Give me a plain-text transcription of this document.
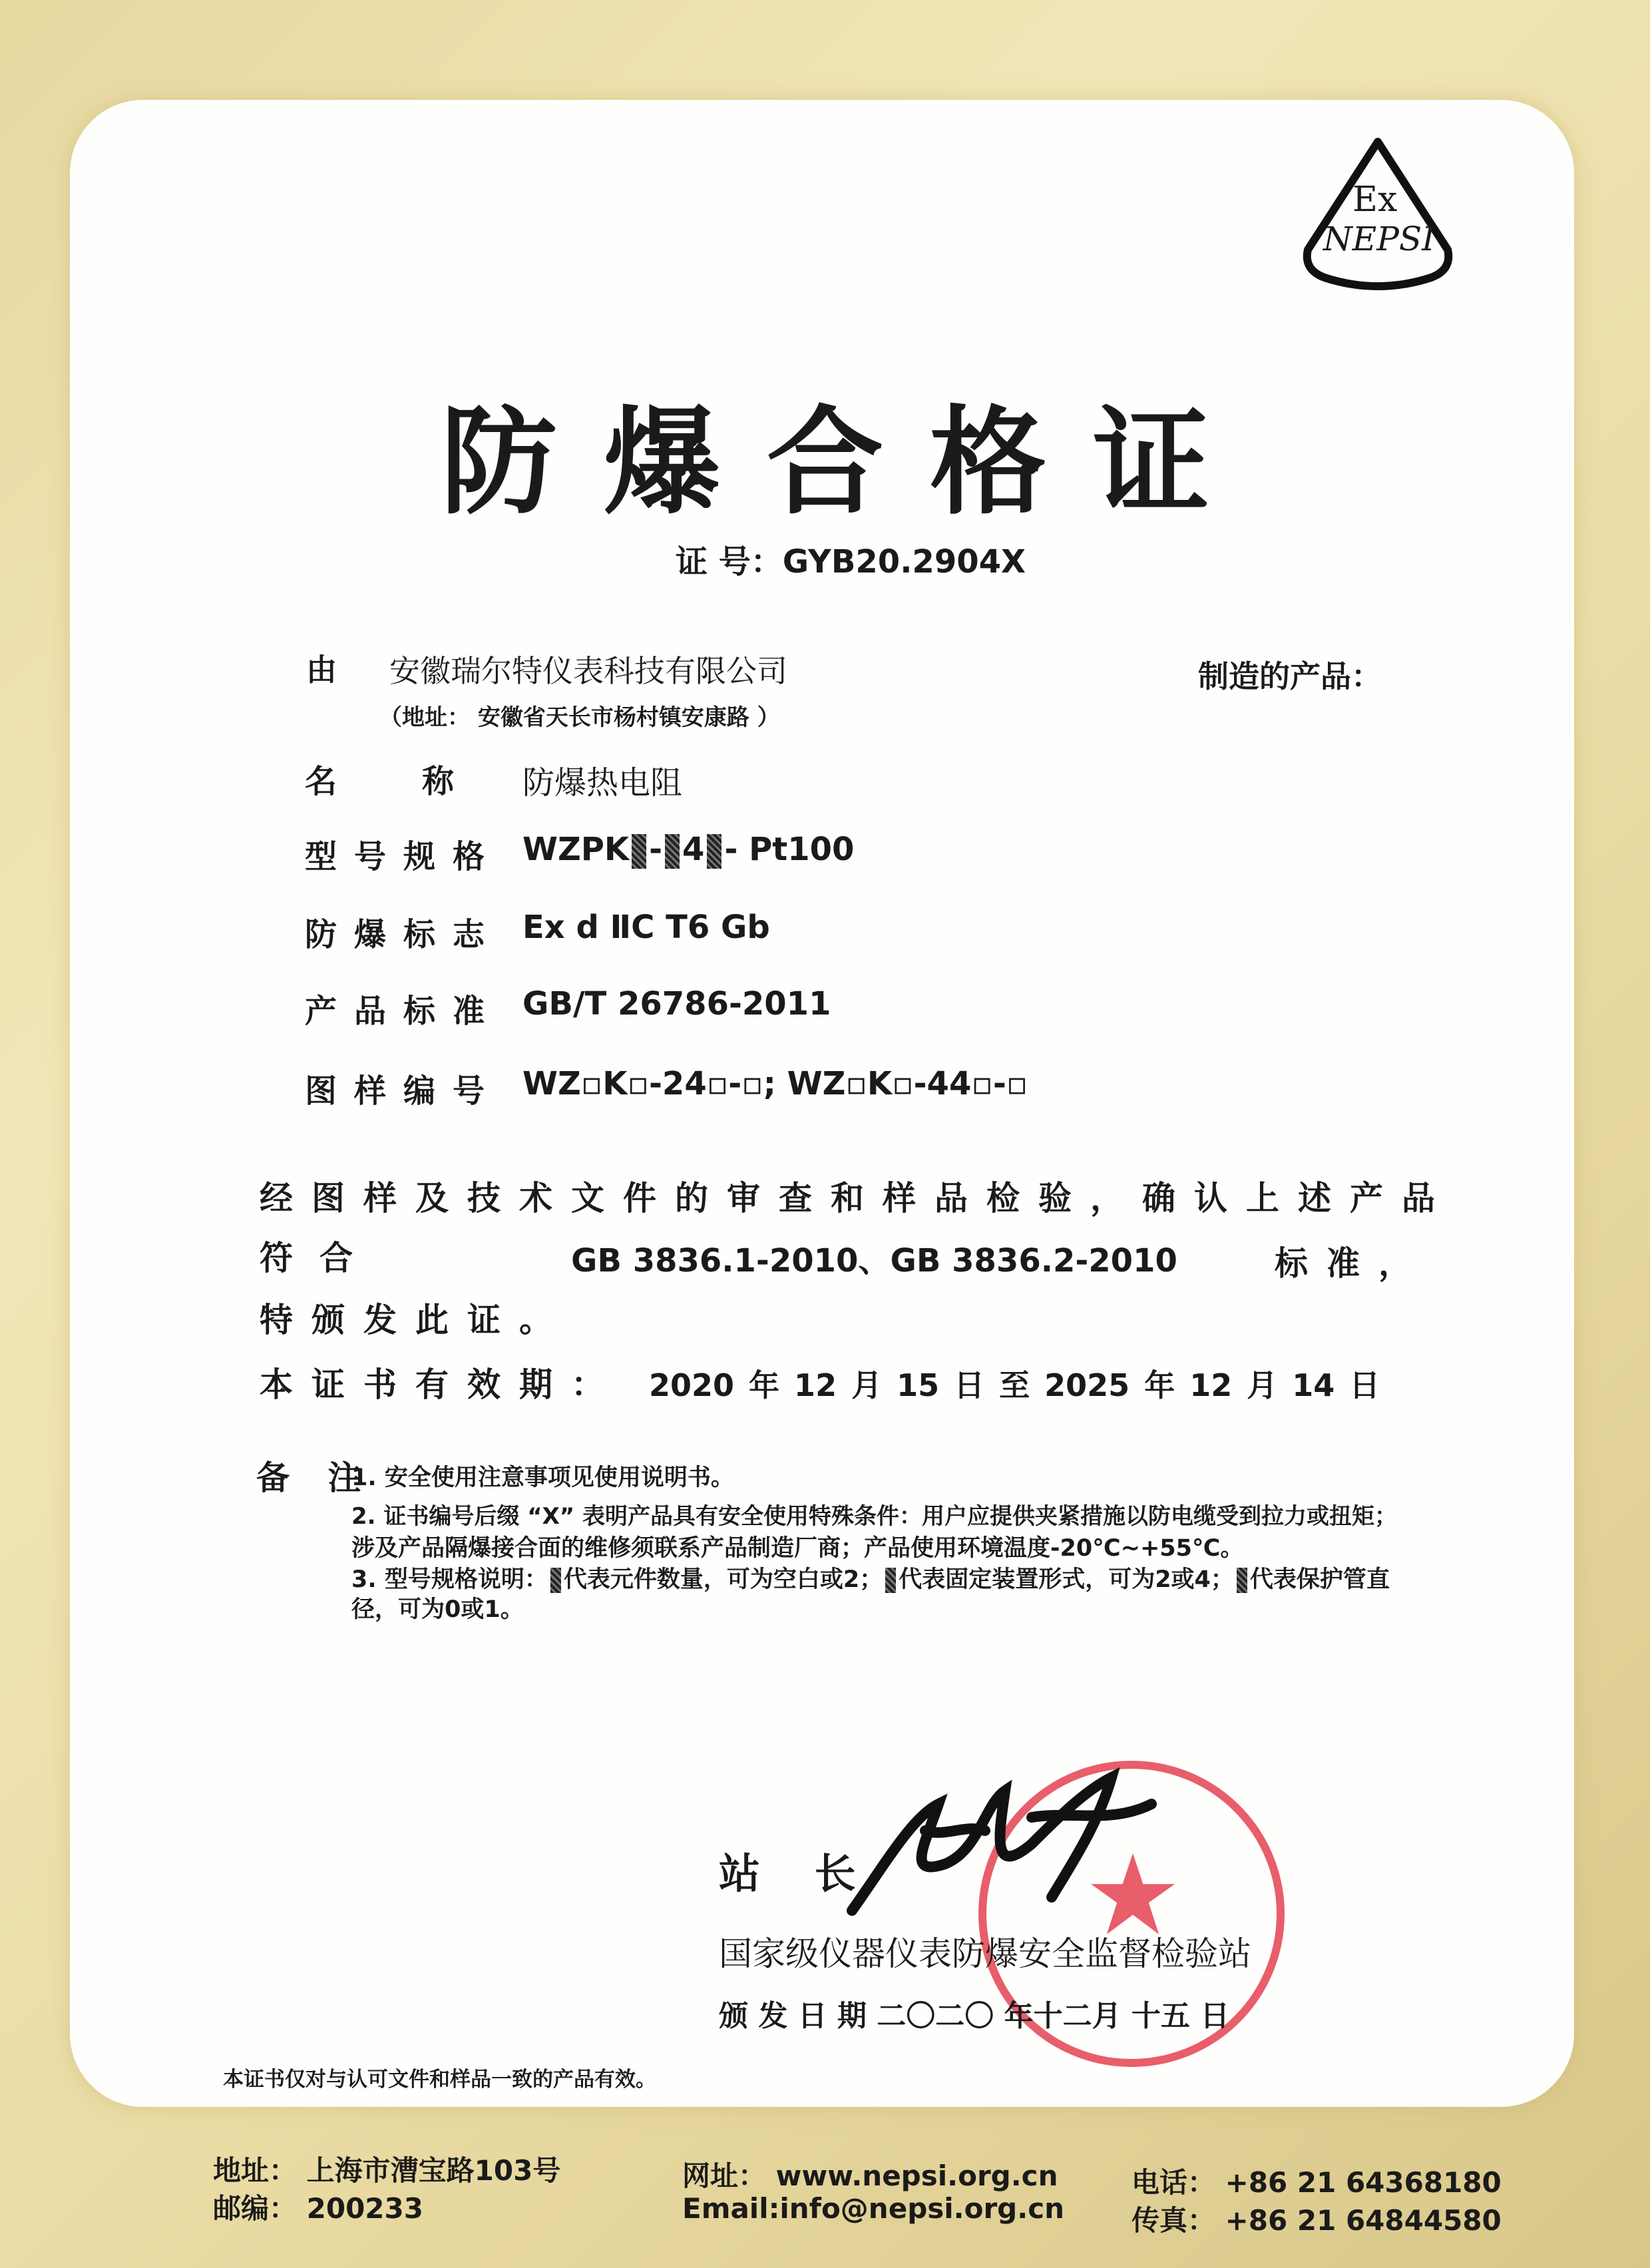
Ex
NEPSI
防爆合格证
证 号：GYB20.2904X
由 安徽瑞尔特仪表科技有限公司	制造的产品：
（地址： 安徽省天长市杨村镇安康路 ）
名　称 防爆热电阻
型号规格 WZPK - 4 - Pt100
防爆标志 Ex d ⅡC T6 Gb
产品标准 GB/T 26786-2011
图样编号 WZ▫K▫-24▫-▫; WZ▫K▫-44▫-▫
经图样及技术文件的审查和样品检验，确认上述产品
符合	GB 3836.1-2010、GB 3836.2-2010	标准，
特颁发此证。
本证书有效期： 2020 年 12 月 15 日 至 2025 年 12 月 14 日
备 注
1. 安全使用注意事项见使用说明书。
2. 证书编号后缀 “X” 表明产品具有安全使用特殊条件：用户应提供夹紧措施以防电缆受到拉力或扭矩；
涉及产品隔爆接合面的维修须联系产品制造厂商；产品使用环境温度-20℃~+55℃。
3. 型号规格说明： 代表元件数量，可为空白或2； 代表固定装置形式，可为2或4； 代表保护管直
径，可为0或1。
站 长
国家级仪器仪表防爆安全监督检验站
颁 发 日 期 二〇二〇 年十二月 十五 日
本证书仅对与认可文件和样品一致的产品有效。
地址： 上海市漕宝路103号
邮编： 200233
网址： www.nepsi.org.cn
Email:info@nepsi.org.cn
电话： +86 21 64368180
传真： +86 21 64844580
